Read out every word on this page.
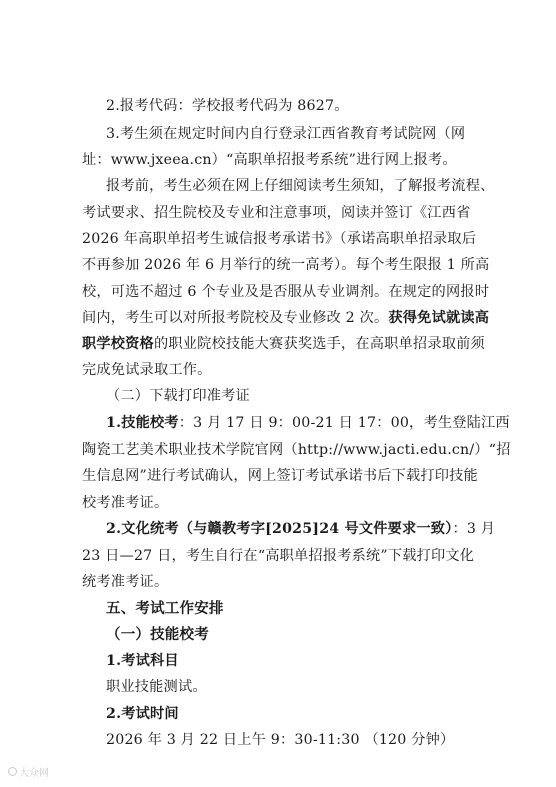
2.报考代码：学校报考代码为 8627。
3.考生须在规定时间内自行登录江西省教育考试院网（网
址：www.jxeea.cn）“高职单招报考系统”进行网上报考。
报考前，考生必须在网上仔细阅读考生须知，了解报考流程、
考试要求、招生院校及专业和注意事项，阅读并签订《江西省
2026 年高职单招考生诚信报考承诺书》（承诺高职单招录取后
不再参加 2026 年 6 月举行的统一高考）。每个考生限报 1 所高
校，可选不超过 6 个专业及是否服从专业调剂。在规定的网报时
间内，考生可以对所报考院校及专业修改 2 次。获得免试就读高
职学校资格的职业院校技能大赛获奖选手，在高职单招录取前须
完成免试录取工作。
（二）下载打印准考证
1.技能校考：3 月 17 日 9：00-21 日 17：00，考生登陆江西
陶瓷工艺美术职业技术学院官网（http://www.jacti.edu.cn/）“招
生信息网”进行考试确认，网上签订考试承诺书后下载打印技能
校考准考证。
2.文化统考（与赣教考字[2025]24 号文件要求一致）：3 月
23 日—27 日，考生自行在“高职单招报考系统”下载打印文化
统考准考证。
五、考试工作安排
（一）技能校考
1.考试科目
职业技能测试。
2.考试时间
2026 年 3 月 22 日上午 9：30-11:30 （120 分钟）
大众网
